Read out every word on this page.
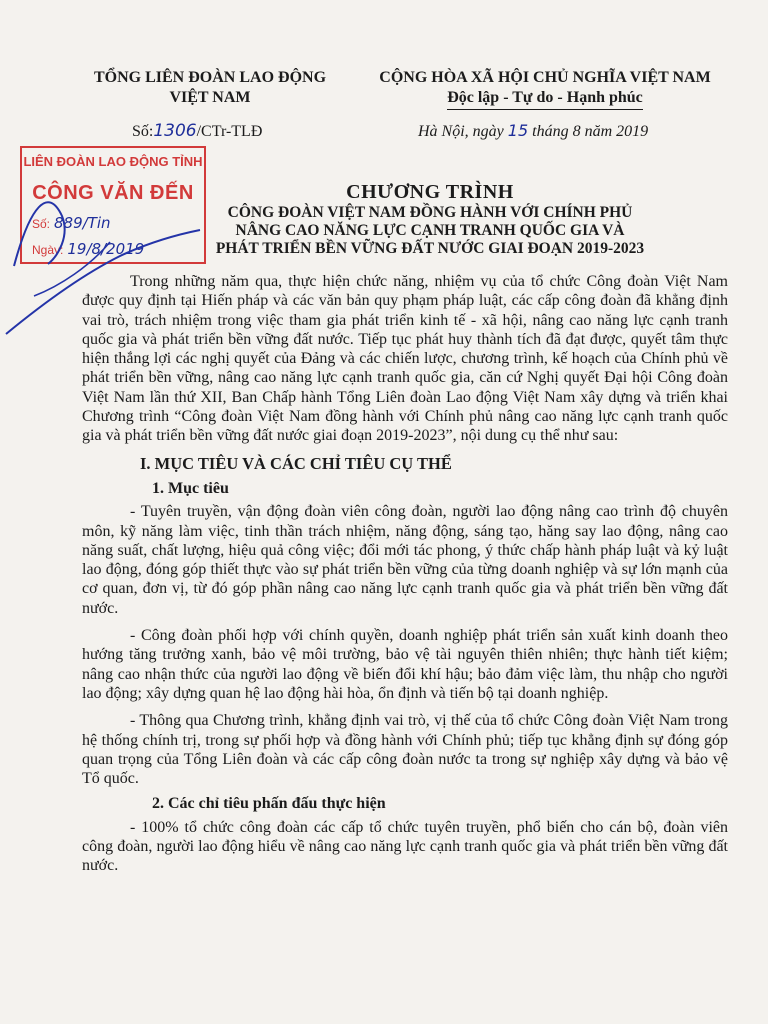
TỔNG LIÊN ĐOÀN LAO ĐỘNG
VIỆT NAM
CỘNG HÒA XÃ HỘI CHỦ NGHĨA VIỆT NAM
Độc lập - Tự do - Hạnh phúc
Số:1306/CTr-TLĐ	Hà Nội, ngày 15 tháng 8 năm 2019
LIÊN ĐOÀN LAO ĐỘNG TỈNH
CÔNG VĂN ĐẾN
Số: 889/Tin
Ngày: 19/8/2019
CHƯƠNG TRÌNH
CÔNG ĐOÀN VIỆT NAM ĐỒNG HÀNH VỚI CHÍNH PHỦ
NÂNG CAO NĂNG LỰC CẠNH TRANH QUỐC GIA VÀ
PHÁT TRIỂN BỀN VỮNG ĐẤT NƯỚC GIAI ĐOẠN 2019-2023

Trong những năm qua, thực hiện chức năng, nhiệm vụ của tổ chức Công đoàn Việt Nam được quy định tại Hiến pháp và các văn bản quy phạm pháp luật, các cấp công đoàn đã khẳng định vai trò, trách nhiệm trong việc tham gia phát triển kinh tế - xã hội, nâng cao năng lực cạnh tranh quốc gia và phát triển bền vững đất nước. Tiếp tục phát huy thành tích đã đạt được, quyết tâm thực hiện thắng lợi các nghị quyết của Đảng và các chiến lược, chương trình, kế hoạch của Chính phủ về phát triển bền vững, nâng cao năng lực cạnh tranh quốc gia, căn cứ Nghị quyết Đại hội Công đoàn Việt Nam lần thứ XII, Ban Chấp hành Tổng Liên đoàn Lao động Việt Nam xây dựng và triển khai Chương trình “Công đoàn Việt Nam đồng hành với Chính phủ nâng cao năng lực cạnh tranh quốc gia và phát triển bền vững đất nước giai đoạn 2019-2023”, nội dung cụ thể như sau:

I. MỤC TIÊU VÀ CÁC CHỈ TIÊU CỤ THỂ

1. Mục tiêu

- Tuyên truyền, vận động đoàn viên công đoàn, người lao động nâng cao trình độ chuyên môn, kỹ năng làm việc, tinh thần trách nhiệm, năng động, sáng tạo, hăng say lao động, nâng cao năng suất, chất lượng, hiệu quả công việc; đổi mới tác phong, ý thức chấp hành pháp luật và kỷ luật lao động, đóng góp thiết thực vào sự phát triển bền vững của từng doanh nghiệp và sự lớn mạnh của cơ quan, đơn vị, từ đó góp phần nâng cao năng lực cạnh tranh quốc gia và phát triển bền vững đất nước.

- Công đoàn phối hợp với chính quyền, doanh nghiệp phát triển sản xuất kinh doanh theo hướng tăng trưởng xanh, bảo vệ môi trường, bảo vệ tài nguyên thiên nhiên; thực hành tiết kiệm; nâng cao nhận thức của người lao động về biến đổi khí hậu; bảo đảm việc làm, thu nhập cho người lao động; xây dựng quan hệ lao động hài hòa, ổn định và tiến bộ tại doanh nghiệp.

- Thông qua Chương trình, khẳng định vai trò, vị thế của tổ chức Công đoàn Việt Nam trong hệ thống chính trị, trong sự phối hợp và đồng hành với Chính phủ; tiếp tục khẳng định sự đóng góp quan trọng của Tổng Liên đoàn và các cấp công đoàn nước ta trong sự nghiệp xây dựng và bảo vệ Tổ quốc.

2. Các chỉ tiêu phấn đấu thực hiện

- 100% tổ chức công đoàn các cấp tổ chức tuyên truyền, phổ biến cho cán bộ, đoàn viên công đoàn, người lao động hiểu về nâng cao năng lực cạnh tranh quốc gia và phát triển bền vững đất nước.
